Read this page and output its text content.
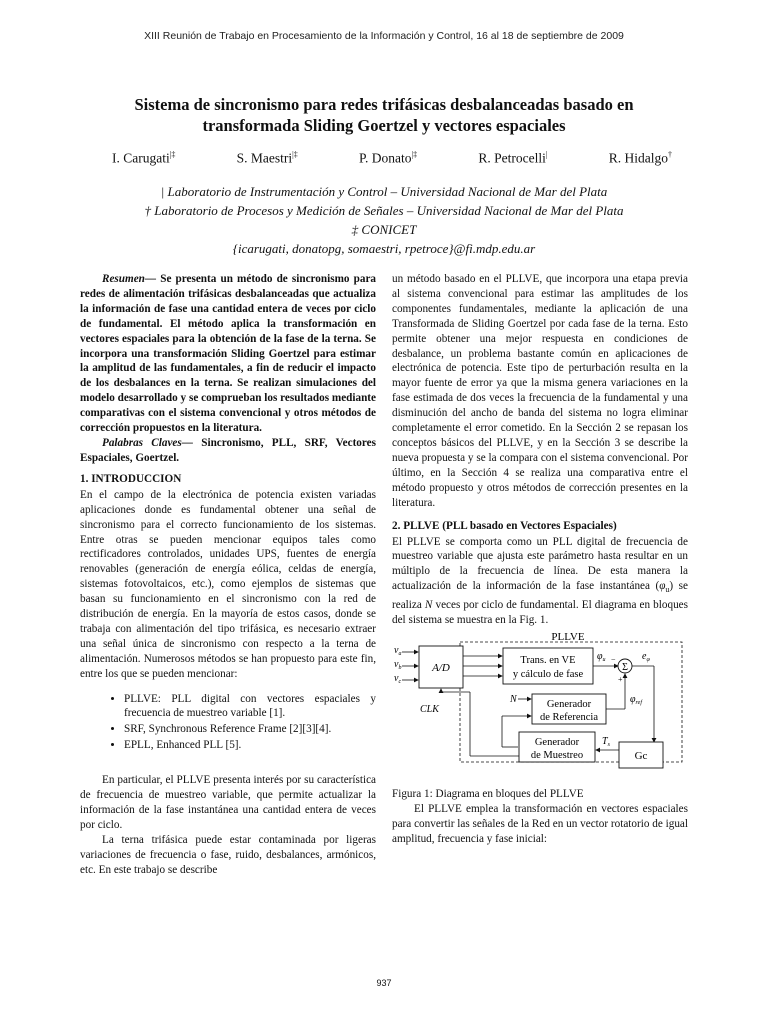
XIII Reunión de Trabajo en Procesamiento de la Información y Control, 16 al 18 de septiembre de 2009
Sistema de sincronismo para redes trifásicas desbalanceadas basado en
transformada Sliding Goertzel y vectores espaciales
I. Carugati|‡	S. Maestri|‡	P. Donato|‡	R. Petrocelli|	R. Hidalgo†
| Laboratorio de Instrumentación y Control – Universidad Nacional de Mar del Plata
† Laboratorio de Procesos y Medición de Señales – Universidad Nacional de Mar del Plata
‡ CONICET
{icarugati, donatopg, somaestri, rpetroce}@fi.mdp.edu.ar

Resumen— Se presenta un método de sincronismo para redes de alimentación trifásicas desbalanceadas que actualiza la información de fase una cantidad entera de veces por ciclo de fundamental. El método aplica la transformación en vectores espaciales para la obtención de la fase de la terna. Se incorpora una transformación Sliding Goertzel para estimar la amplitud de las fundamentales, a fin de reducir el impacto de los desbalances en la terna. Se realizan simulaciones del modelo desarrollado y se comprueban los resultados mediante comparativas con el sistema convencional y otros métodos de corrección propuestos en la literatura.

Palabras Claves— Sincronismo, PLL, SRF, Vectores Espaciales, Goertzel.

1. INTRODUCCION

En el campo de la electrónica de potencia existen variadas aplicaciones donde es fundamental obtener una señal de sincronismo para el correcto funcionamiento de los sistemas. Entre otras se pueden mencionar equipos tales como rectificadores controlados, unidades UPS, fuentes de energía renovables (generación de energía eólica, celdas de energía, sistemas fotovoltaicos, etc.), como ejemplos de sistemas que basan su funcionamiento en el sincronismo con la red de distribución de energía. En la mayoría de estos casos, donde se trabaja con alimentación del tipo trifásica, es necesario extraer una señal única de sincronismo con respecto a la terna de alimentación. Numerosos métodos se han propuesto para este fin, entre los que se pueden mencionar:

• PLLVE: PLL digital con vectores espaciales y frecuencia de muestreo variable [1].
• SRF, Synchronous Reference Frame [2][3][4].
• EPLL, Enhanced PLL [5].

En particular, el PLLVE presenta interés por su característica de frecuencia de muestreo variable, que permite actualizar la información de la fase instantánea una cantidad entera de veces por ciclo.

La terna trifásica puede estar contaminada por ligeras variaciones de frecuencia o fase, ruido, desbalances, armónicos, etc. En este trabajo se describe

un método basado en el PLLVE, que incorpora una etapa previa al sistema convencional para estimar las amplitudes de los componentes fundamentales, mediante la aplicación de una Transformada de Sliding Goertzel por cada fase de la terna. Esto permite obtener una mejor respuesta en condiciones de desbalance, un problema bastante común en aplicaciones de electrónica de potencia. Este tipo de perturbación resulta en la mayor fuente de error ya que la misma genera variaciones en la fase estimada de dos veces la frecuencia de la fundamental y una disminución del ancho de banda del sistema no logra eliminar completamente el error cometido. En la Sección 2 se repasan los conceptos básicos del PLLVE, y en la Sección 3 se describe la nueva propuesta y se la compara con el sistema convencional. Por último, en la Sección 4 se realiza una comparativa entre el método propuesto y otros métodos de corrección presentes en la literatura.

2. PLLVE (PLL basado en Vectores Espaciales)

El PLLVE se comporta como un PLL digital de frecuencia de muestreo variable que ajusta este parámetro hasta resultar en un múltiplo de la frecuencia de línea. De esta manera la actualización de la información de la fase instantánea $(\varphi_u)$ se realiza N veces por ciclo de fundamental. El diagrama en bloques del sistema se muestra en la Fig. 1.

PLLVE
$v_a$
$v_b$
$v_c$
A/D
Trans. en VE
y cálculo de fase
$\varphi_u$ −
Σ
+
$e_\varphi$
Generador
de Referencia
N	$\varphi_{ref}$
Generador
de Muestreo	Gc
$T_s$
CLK

Figura 1: Diagrama en bloques del PLLVE

El PLLVE emplea la transformación en vectores espaciales para convertir las señales de la Red en un vector rotatorio de igual amplitud, frecuencia y fase inicial:

937
